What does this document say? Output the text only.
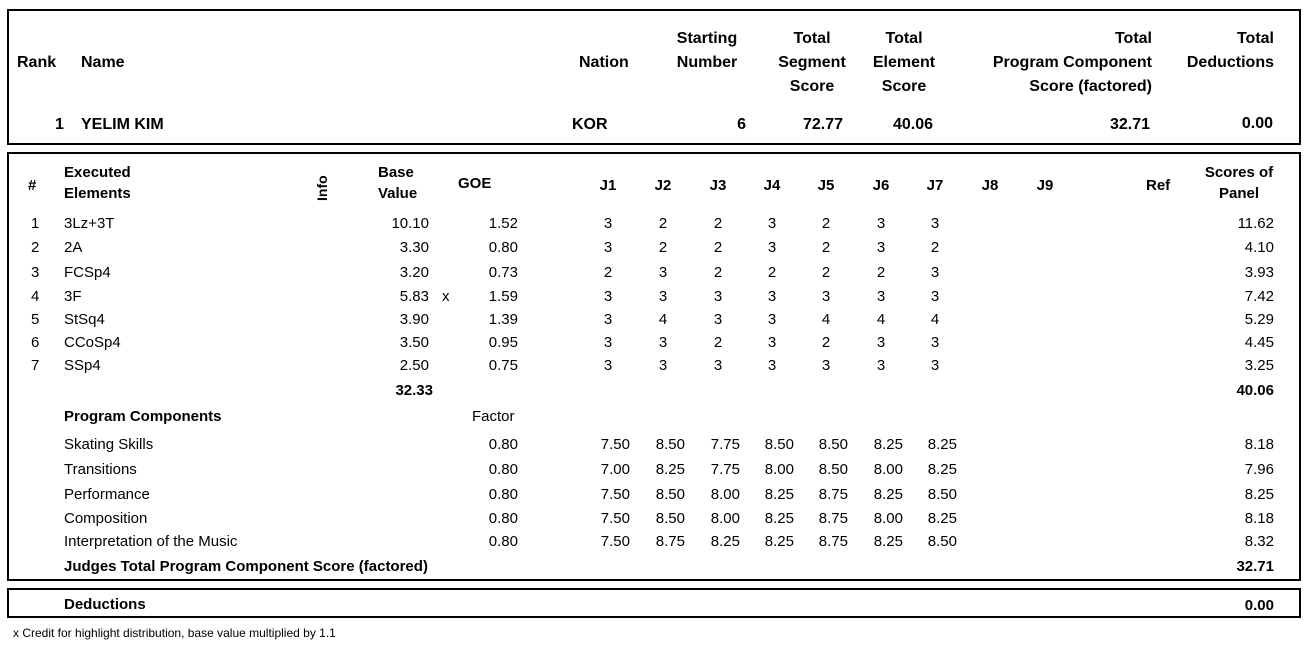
Rank Name	Nation
Starting
Number
Total
Segment
Score
Total
Element
Score
Total
Program Component
Score (factored)
Total
Deductions
1 YELIM KIM	KOR	6	72.77	40.06	32.71	0.00
#
Executed
Elements	Info
Base
Value
GOE	J1	J2	J3	J4	J5	J6	J7	J8	J9	Ref
Scores of
Panel
1 3Lz+3T	10.10	1.52	3	2	2	3	2	3	3	11.62
2 2A	3.30	0.80	3	2	2	3	2	3	2	4.10
3 FCSp4	3.20	0.73	2	3	2	2	2	2	3	3.93
4 3F	5.83 x	1.59	3	3	3	3	3	3	3	7.42
5 StSq4	3.90	1.39	3	4	3	3	4	4	4	5.29
6 CCoSp4	3.50	0.95	3	3	2	3	2	3	3	4.45
7 SSp4	2.50	0.75	3	3	3	3	3	3	3	3.25
32.33	40.06
Program Components	Factor
Skating Skills	0.80	7.50	8.50	7.75	8.50	8.50	8.25	8.25	8.18
Transitions	0.80	7.00	8.25	7.75	8.00	8.50	8.00	8.25	7.96
Performance	0.80	7.50	8.50	8.00	8.25	8.75	8.25	8.50	8.25
Composition	0.80	7.50	8.50	8.00	8.25	8.75	8.00	8.25	8.18
Interpretation of the Music	0.80	7.50	8.75	8.25	8.25	8.75	8.25	8.50	8.32
Judges Total Program Component Score (factored)	32.71
Deductions	0.00
x Credit for highlight distribution, base value multiplied by 1.1
